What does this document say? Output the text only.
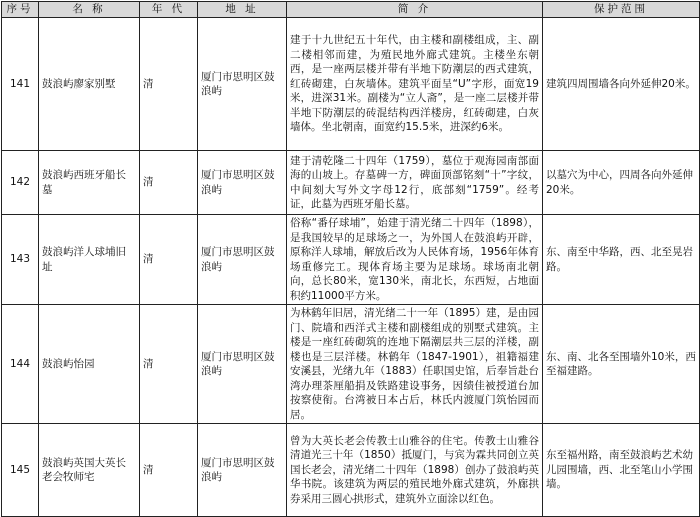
序号	名 称	年 代	地 址	简 介	保护范围
141	鼓浪屿廖家别墅	清	厦门市思明区鼓浪屿	建于十九世纪五十年代，由主楼和副楼组成，主、副二楼相邻而建，为殖民地外廊式建筑。主楼坐东朝西，是一座两层楼并带有半地下防潮层的西式建筑，红砖砌建，白灰墙体。建筑平面呈“U”字形，面宽19米，进深31米。副楼为“立人斋”，是一座二层楼并带半地下防潮层的砖混结构西洋楼房，红砖砌建，白灰墙体。坐北朝南，面宽约15.5米，进深约6米。	建筑四周围墙各向外延伸20米。
142	鼓浪屿西班牙船长墓	清	厦门市思明区鼓浪屿	建于清乾隆二十四年（1759），墓位于观海园南部面海的山坡上。存墓碑一方，碑面顶部铭刻“十”字纹，中间刻大写外文字母12行，底部刻“1759”。经考证，此墓为西班牙船长墓。	以墓穴为中心，四周各向外延伸20米。
143	鼓浪屿洋人球埔旧址	清	厦门市思明区鼓浪屿	俗称“番仔球埔”，始建于清光绪二十四年（1898），是我国较早的足球场之一，为外国人在鼓浪屿开辟，原称洋人球埔，解放后改为人民体育场，1956年体育场重修完工。现体育场主要为足球场。球场南北朝向，总长80米，宽130米，南北长，东西短，占地面积约11000平方米。	东、南至中华路，西、北至晃岩路。
144	鼓浪屿怡园	清	厦门市思明区鼓浪屿	为林鹤年旧居，清光绪二十一年（1895）建，是由园门、院墙和西洋式主楼和副楼组成的别墅式建筑。主楼是一座红砖砌筑的连地下隔潮层共三层的洋楼，副楼也是三层洋楼。林鹤年（1847-1901），祖籍福建安溪县，光绪九年（1883）任职国史馆，后奉旨赴台湾办理茶厘船捐及铁路建设事务，因绩佳被授道台加按察使衔。台湾被日本占后，林氏内渡厦门筑怡园而居。	东、南、北各至围墙外10米，西至福建路。
145	鼓浪屿英国大英长老会牧师宅	清	厦门市思明区鼓浪屿	曾为大英长老会传教士山雅谷的住宅。传教士山雅谷清道光三十年（1850）抵厦门，与宾为霖共同创立英国长老会，清光绪二十四年（1898）创办了鼓浪屿英华书院。该建筑为两层的殖民地外廊式建筑，外廊拱券采用三圆心拱形式，建筑外立面涂以红色。	东至福州路，南至鼓浪屿艺术幼儿园围墙，西、北至笔山小学围墙。
